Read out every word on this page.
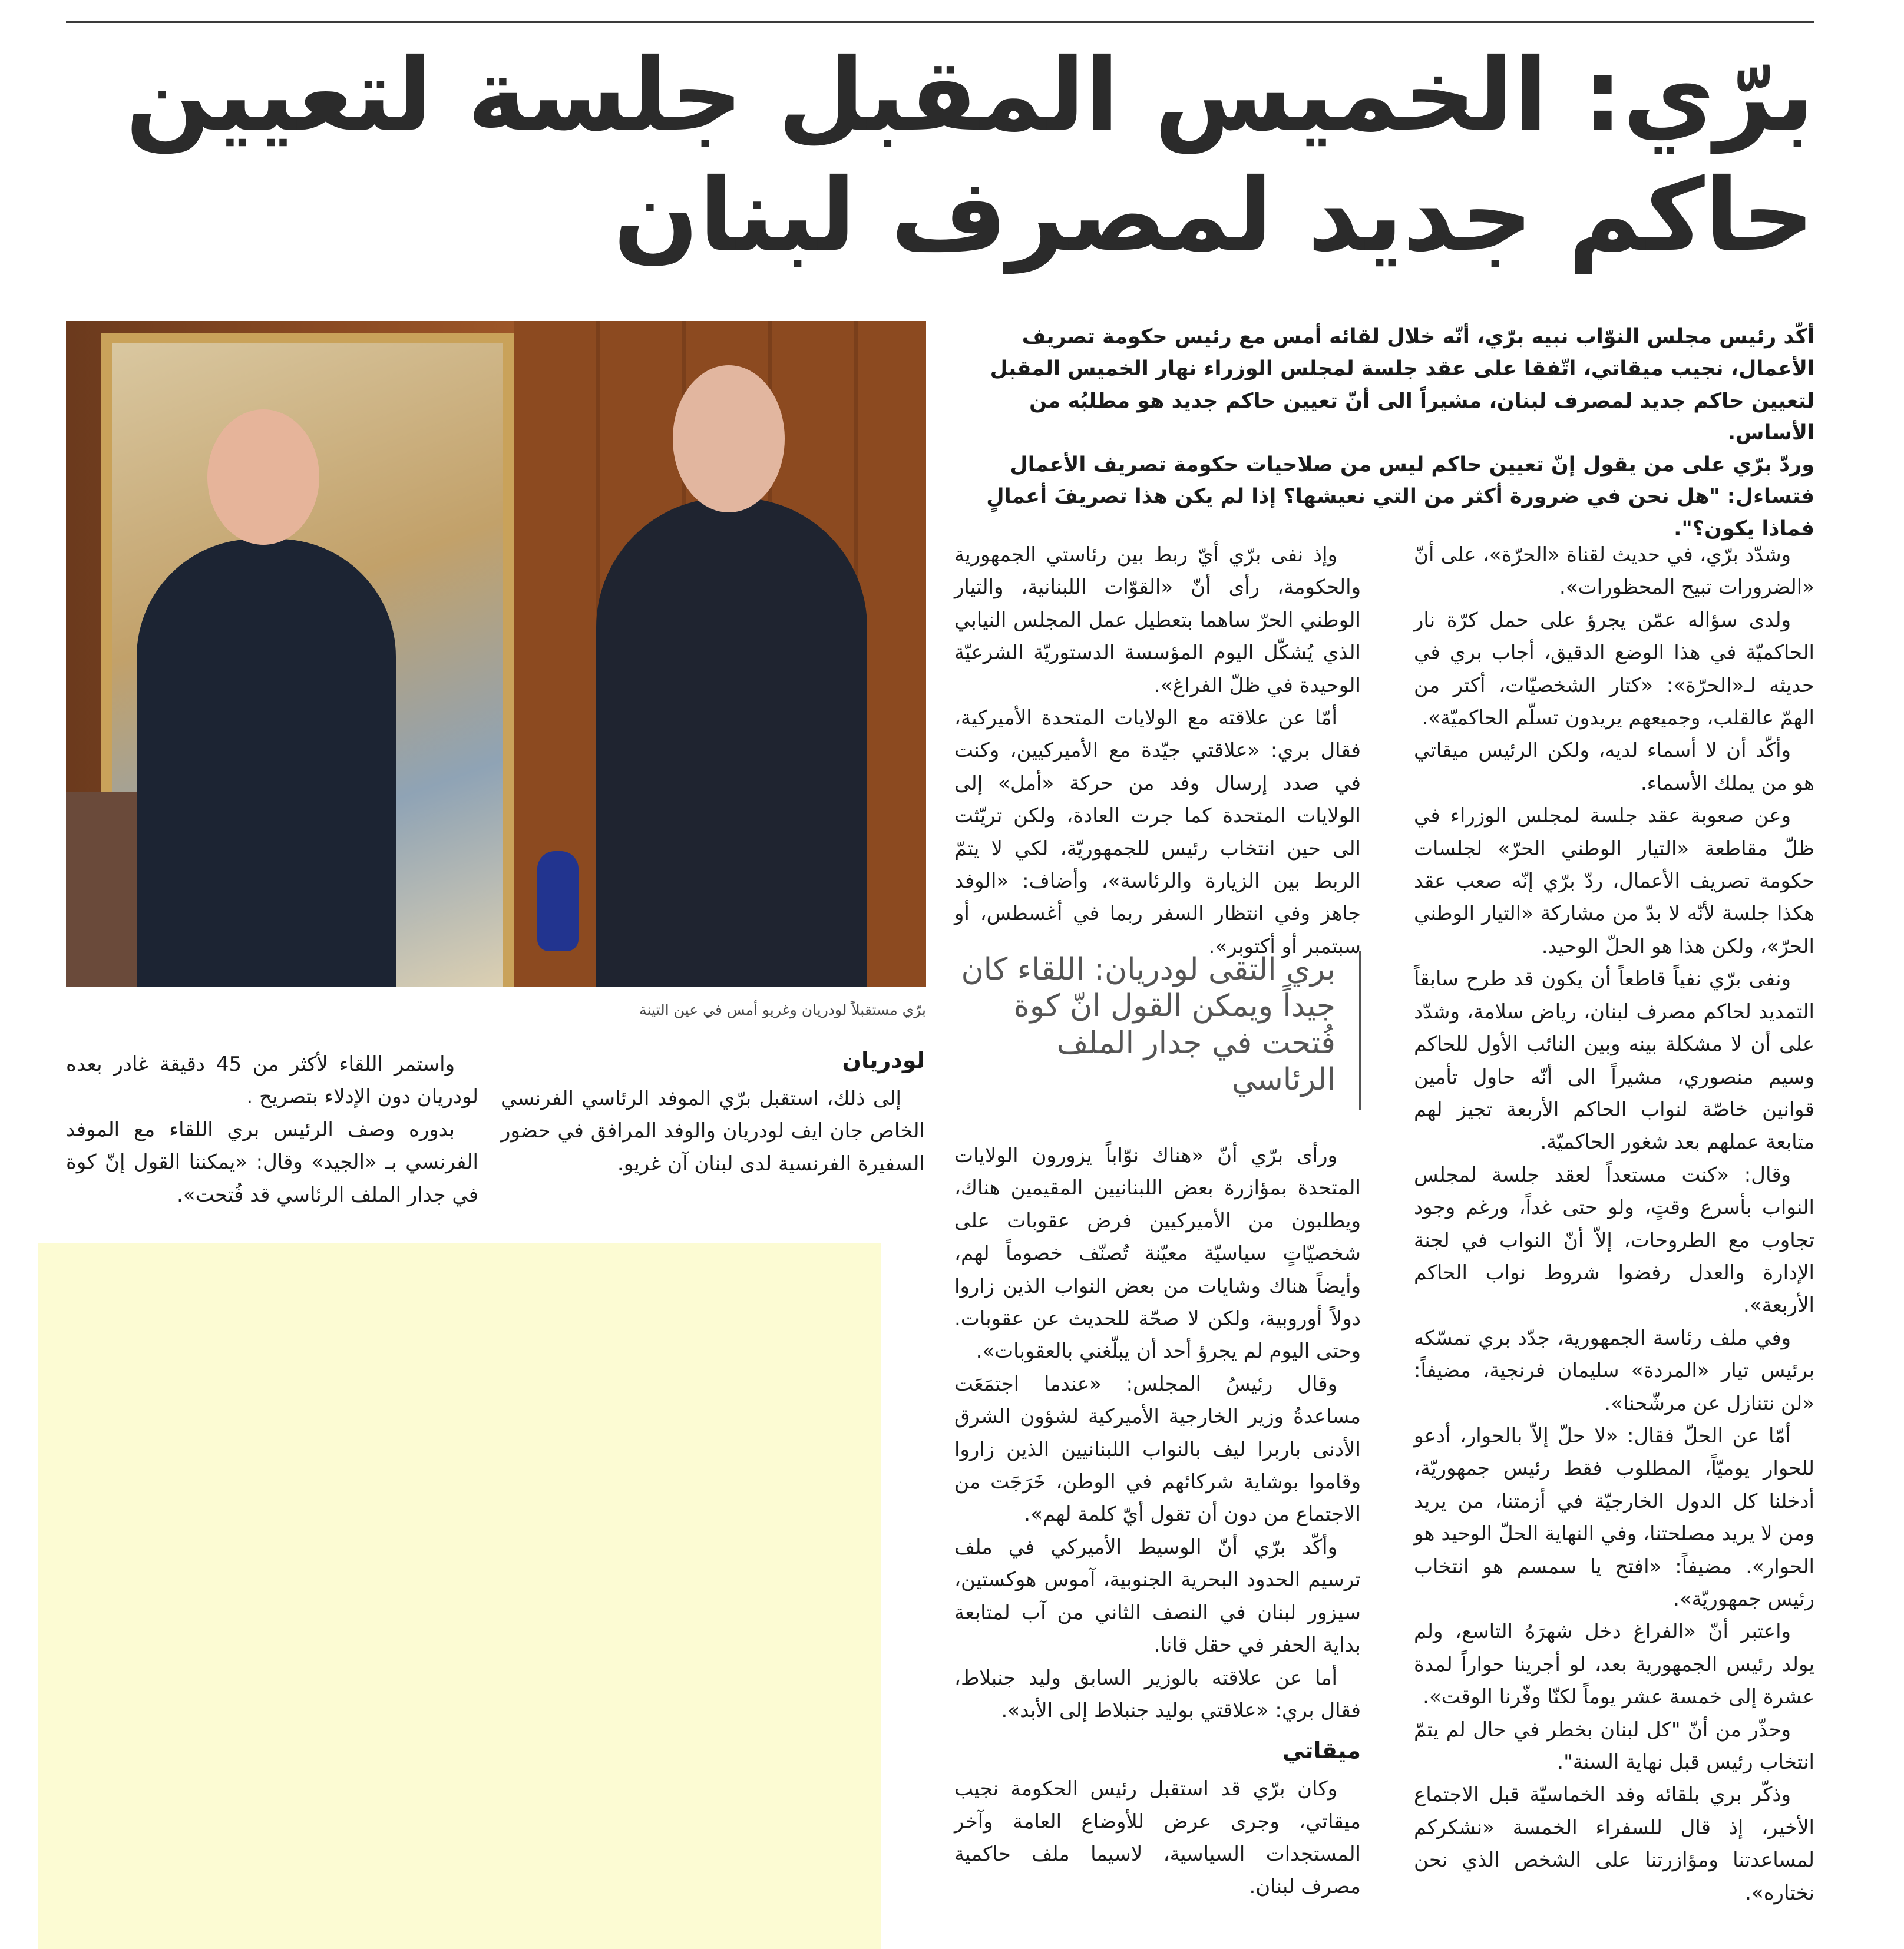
برّي: الخميس المقبل جلسة لتعيين حاكم جديد لمصرف لبنان

أكّد رئيس مجلس النوّاب نبيه برّي، أنّه خلال لقائه أمس مع رئيس حكومة تصريف الأعمال، نجيب ميقاتي، اتّفقا على عقد جلسة لمجلس الوزراء نهار الخميس المقبل لتعيين حاكم جديد لمصرف لبنان، مشيراً الى أنّ تعيين حاكم جديد هو مطلبُه من الأساس.

وردّ برّي على من يقول إنّ تعيين حاكم ليس من صلاحيات حكومة تصريف الأعمال فتساءل: "هل نحن في ضرورة أكثر من التي نعيشها؟ إذا لم يكن هذا تصريفَ أعمالٍ فماذا يكون؟".

برّي مستقبلاً لودريان وغريو أمس في عين التينة

وشدّد برّي، في حديث لقناة «الحرّة»، على أنّ «الضرورات تبيح المحظورات».

ولدى سؤاله عمّن يجرؤ على حمل كرّة نار الحاكميّة في هذا الوضع الدقيق، أجاب بري في حديثه لـ«الحرّة»: «كتار الشخصيّات، أكتر من الهمّ عالقلب، وجميعهم يريدون تسلّم الحاكميّة».

وأكّد أن لا أسماء لديه، ولكن الرئيس ميقاتي هو من يملك الأسماء.

وعن صعوبة عقد جلسة لمجلس الوزراء في ظلّ مقاطعة «التيار الوطني الحرّ» لجلسات حكومة تصريف الأعمال، ردّ برّي إنّه صعب عقد هكذا جلسة لأنّه لا بدّ من مشاركة «التيار الوطني الحرّ»، ولكن هذا هو الحلّ الوحيد.

ونفى برّي نفياً قاطعاً أن يكون قد طرح سابقاً التمديد لحاكم مصرف لبنان، رياض سلامة، وشدّد على أن لا مشكلة بينه وبين النائب الأول للحاكم وسيم منصوري، مشيراً الى أنّه حاول تأمين قوانين خاصّة لنواب الحاكم الأربعة تجيز لهم متابعة عملهم بعد شغور الحاكميّة.

وقال: «كنت مستعداً لعقد جلسة لمجلس النواب بأسرع وقتٍ، ولو حتى غداً، ورغم وجود تجاوب مع الطروحات، إلاّ أنّ النواب في لجنة الإدارة والعدل رفضوا شروط نواب الحاكم الأربعة».

وفي ملف رئاسة الجمهورية، جدّد بري تمسّكه برئيس تيار «المردة» سليمان فرنجية، مضيفاً: «لن نتنازل عن مرشّحنا».

أمّا عن الحلّ فقال: «لا حلّ إلاّ بالحوار، أدعو للحوار يوميّاً، المطلوب فقط رئيس جمهوريّة، أدخلنا كل الدول الخارجيّة في أزمتنا، من يريد ومن لا يريد مصلحتنا، وفي النهاية الحلّ الوحيد هو الحوار». مضيفاً: «افتح يا سمسم هو انتخاب رئيس جمهوريّة».

واعتبر أنّ «الفراغ دخل شهرَهُ التاسع، ولم يولد رئيس الجمهورية بعد، لو أجرينا حواراً لمدة عشرة إلى خمسة عشر يوماً لكنّا وفّرنا الوقت».

وحذّر من أنّ "كل لبنان بخطر في حال لم يتمّ انتخاب رئيس قبل نهاية السنة".

وذكّر بري بلقائه وفد الخماسيّة قبل الاجتماع الأخير، إذ قال للسفراء الخمسة «نشكركم لمساعدتنا ومؤازرتنا على الشخص الذي نحن نختاره».

وإذ نفى برّي أيّ ربط بين رئاستي الجمهورية والحكومة، رأى أنّ «القوّات اللبنانية، والتيار الوطني الحرّ ساهما بتعطيل عمل المجلس النيابي الذي يُشكّل اليوم المؤسسة الدستوريّة الشرعيّة الوحيدة في ظلّ الفراغ».

أمّا عن علاقته مع الولايات المتحدة الأميركية، فقال بري: «علاقتي جيّدة مع الأميركيين، وكنت في صدد إرسال وفد من حركة «أمل» إلى الولايات المتحدة كما جرت العادة، ولكن تريّثت الى حين انتخاب رئيس للجمهوريّة، لكي لا يتمّ الربط بين الزيارة والرئاسة»، وأضاف: «الوفد جاهز وفي انتظار السفر ربما في أغسطس، أو سبتمبر أو أكتوبر».

بري التقى لودريان: اللقاء كان جيداً ويمكن القول انّ كوة فُتحت في جدار الملف الرئاسي

ورأى برّي أنّ «هناك نوّاباً يزورون الولايات المتحدة بمؤازرة بعض اللبنانيين المقيمين هناك، ويطلبون من الأميركيين فرض عقوبات على شخصيّاتٍ سياسيّة معيّنة تُصنّف خصوماً لهم، وأيضاً هناك وشايات من بعض النواب الذين زاروا دولاً أوروبية، ولكن لا صحّة للحديث عن عقوبات. وحتى اليوم لم يجرؤ أحد أن يبلّغني بالعقوبات».

وقال رئيسُ المجلس: «عندما اجتمَعَت مساعدةُ وزير الخارجية الأميركية لشؤون الشرق الأدنى باربرا ليف بالنواب اللبنانيين الذين زاروا وقاموا بوشاية شركائهم في الوطن، خَرَجَت من الاجتماع من دون أن تقول أيّ كلمة لهم».

وأكّد برّي أنّ الوسيط الأميركي في ملف ترسيم الحدود البحرية الجنوبية، آموس هوكستين، سيزور لبنان في النصف الثاني من آب لمتابعة بداية الحفر في حقل قانا.

أما عن علاقته بالوزير السابق وليد جنبلاط، فقال بري: «علاقتي بوليد جنبلاط إلى الأبد».

ميقاتي

وكان برّي قد استقبل رئيس الحكومة نجيب ميقاتي، وجرى عرض للأوضاع العامة وآخر المستجدات السياسية، لاسيما ملف حاكمية مصرف لبنان.

لودريان

إلى ذلك، استقبل برّي الموفد الرئاسي الفرنسي الخاص جان ايف لودريان والوفد المرافق في حضور السفيرة الفرنسية لدى لبنان آن غريو.

واستمر اللقاء لأكثر من 45 دقيقة غادر بعده لودريان دون الإدلاء بتصريح .

بدوره وصف الرئيس بري اللقاء مع الموفد الفرنسي بـ «الجيد» وقال: «يمكننا القول إنّ كوة في جدار الملف الرئاسي قد فُتحت».
